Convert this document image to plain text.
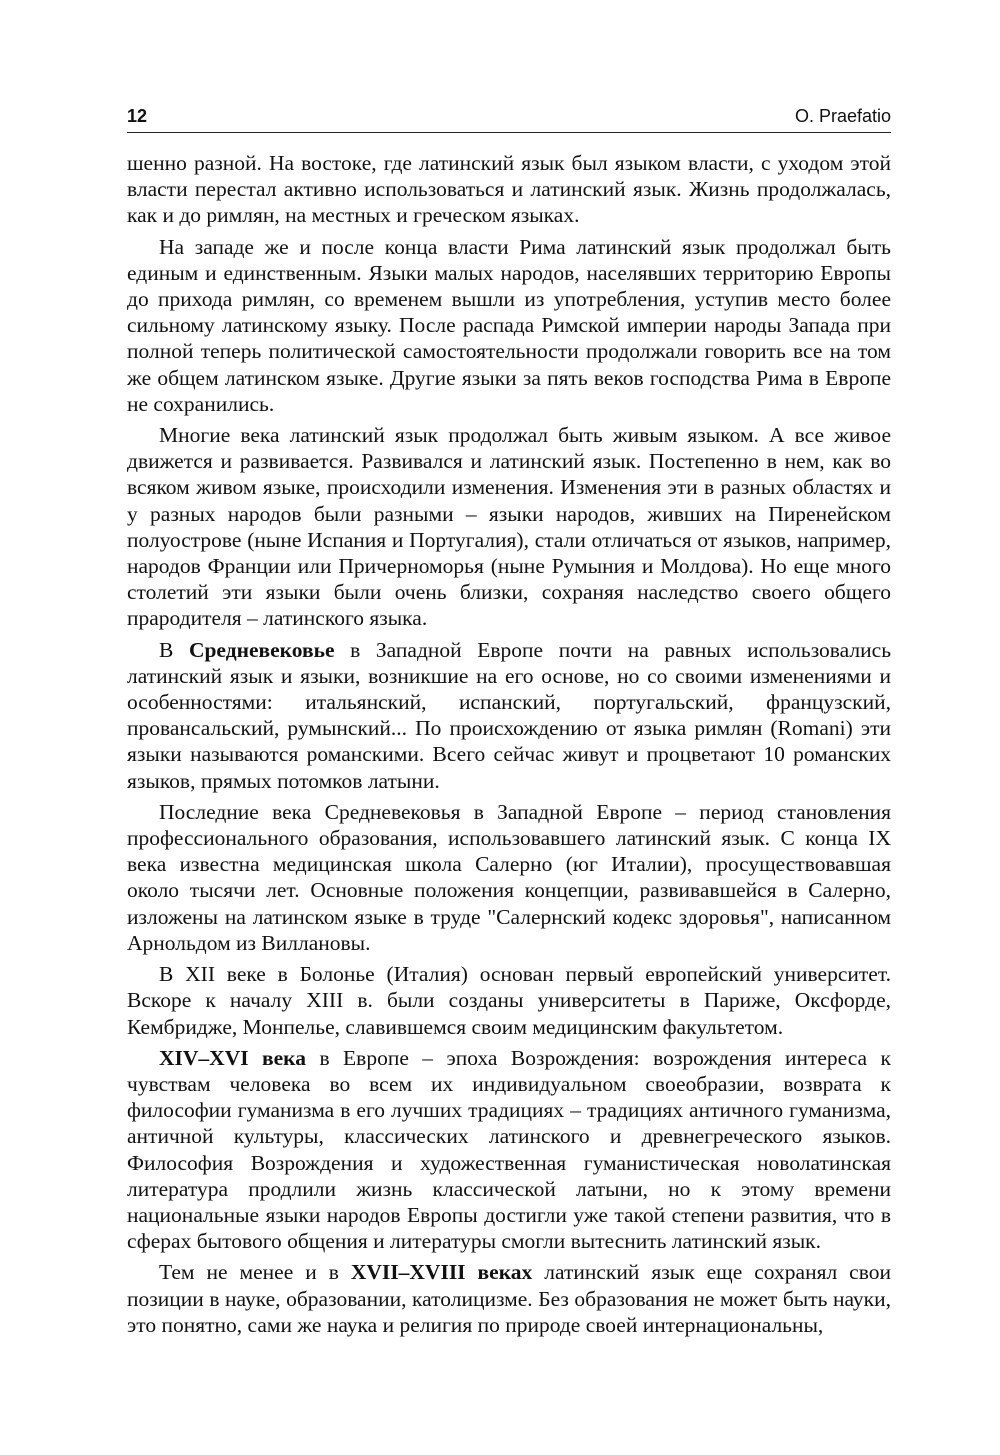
12	O. Praefatio

шенно разной. На востоке, где латинский язык был языком власти, с уходом этой власти перестал активно использоваться и латинский язык. Жизнь продолжалась, как и до римлян, на местных и греческом языках.

На западе же и после конца власти Рима латинский язык продолжал быть единым и единственным. Языки малых народов, населявших территорию Европы до прихода римлян, со временем вышли из употребления, уступив место более сильному латинскому языку. После распада Римской империи народы Запада при полной теперь политической самостоятельности продолжали говорить все на том же общем латинском языке. Другие языки за пять веков господства Рима в Европе не сохранились.

Многие века латинский язык продолжал быть живым языком. А все живое движется и развивается. Развивался и латинский язык. Постепенно в нем, как во всяком живом языке, происходили изменения. Изменения эти в разных областях и у разных народов были разными – языки народов, живших на Пиренейском полуострове (ныне Испания и Португалия), стали отличаться от языков, например, народов Франции или Причерноморья (ныне Румыния и Молдова). Но еще много столетий эти языки были очень близки, сохраняя наследство своего общего прародителя – латинского языка.

В Средневековье в Западной Европе почти на равных использовались латинский язык и языки, возникшие на его основе, но со своими изменениями и особенностями: итальянский, испанский, португальский, французский, провансальский, румынский... По происхождению от языка римлян (Romani) эти языки называются романскими. Всего сейчас живут и процветают 10 романских языков, прямых потомков латыни.

Последние века Средневековья в Западной Европе – период становления профессионального образования, использовавшего латинский язык. С конца IX века известна медицинская школа Салерно (юг Италии), просуществовавшая около тысячи лет. Основные положения концепции, развивавшейся в Салерно, изложены на латинском языке в труде "Салернский кодекс здоровья", написанном Арнольдом из Виллановы.

В XII веке в Болонье (Италия) основан первый европейский университет. Вскоре к началу XIII в. были созданы университеты в Париже, Оксфорде, Кембридже, Монпелье, славившемся своим медицинским факультетом.

XIV–XVI века в Европе – эпоха Возрождения: возрождения интереса к чувствам человека во всем их индивидуальном своеобразии, возврата к философии гуманизма в его лучших традициях – традициях античного гуманизма, античной культуры, классических латинского и древнегреческого языков. Философия Возрождения и художественная гуманистическая новолатинская литература продлили жизнь классической латыни, но к этому времени национальные языки народов Европы достигли уже такой степени развития, что в сферах бытового общения и литературы смогли вытеснить латинский язык.

Тем не менее и в XVII–XVIII веках латинский язык еще сохранял свои позиции в науке, образовании, католицизме. Без образования не может быть науки, это понятно, сами же наука и религия по природе своей интернациональны,
